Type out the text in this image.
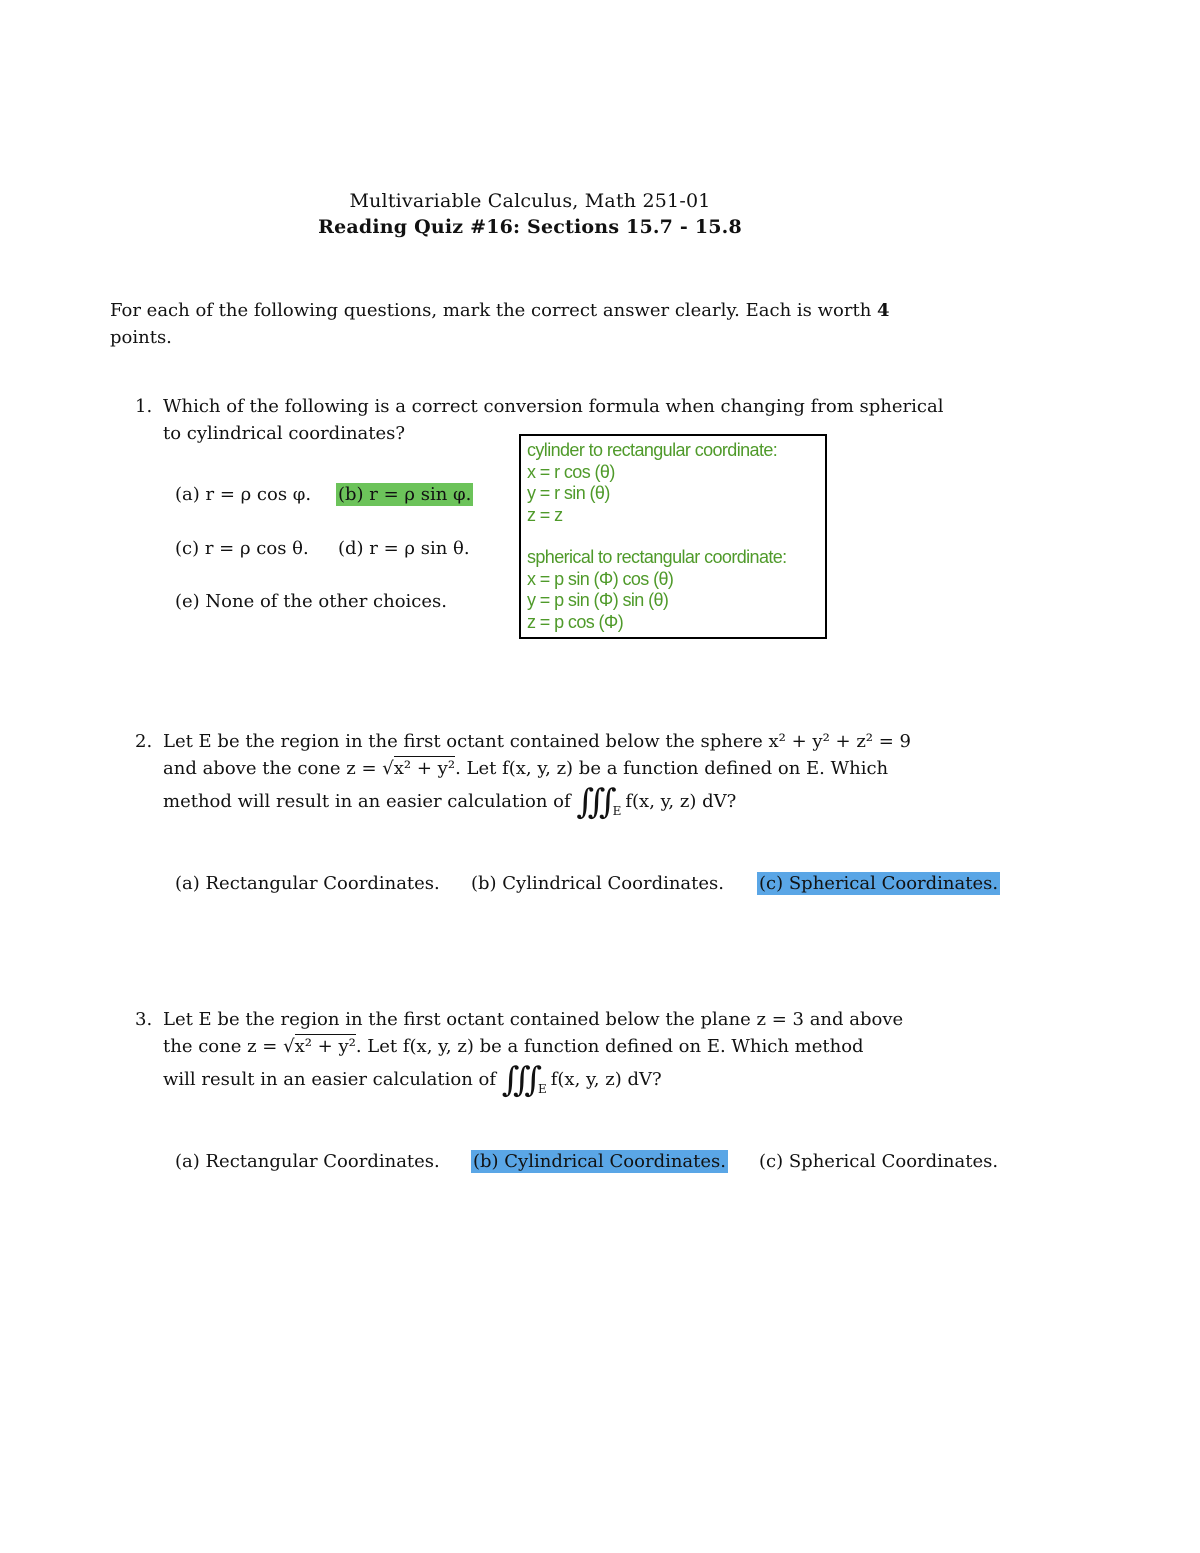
Multivariable Calculus, Math 251-01
Reading Quiz #16: Sections 15.7 - 15.8
For each of the following questions, mark the correct answer clearly. Each is worth 4
points.
1. Which of the following is a correct conversion formula when changing from spherical
to cylindrical coordinates?
(a) r = ρ cos φ. (b) r = ρ sin φ.
(c) r = ρ cos θ. (d) r = ρ sin θ.
(e) None of the other choices.
cylinder to rectangular coordinate:
x = r cos (θ)
y = r sin (θ)
z = z
spherical to rectangular coordinate:
x = p sin (Φ) cos (θ)
y = p sin (Φ) sin (θ)
z = p cos (Φ)
2. Let E be the region in the first octant contained below the sphere x² + y² + z² = 9
and above the cone z = √x² + y². Let f(x, y, z) be a function defined on E. Which
method will result in an easier calculation of ∭ $_E$ f(x, y, z) dV?
(a) Rectangular Coordinates. (b) Cylindrical Coordinates. (c) Spherical Coordinates.
3. Let E be the region in the first octant contained below the plane z = 3 and above
the cone z = √x² + y². Let f(x, y, z) be a function defined on E. Which method
will result in an easier calculation of ∭ $_E$ f(x, y, z) dV?
(a) Rectangular Coordinates. (b) Cylindrical Coordinates. (c) Spherical Coordinates.
